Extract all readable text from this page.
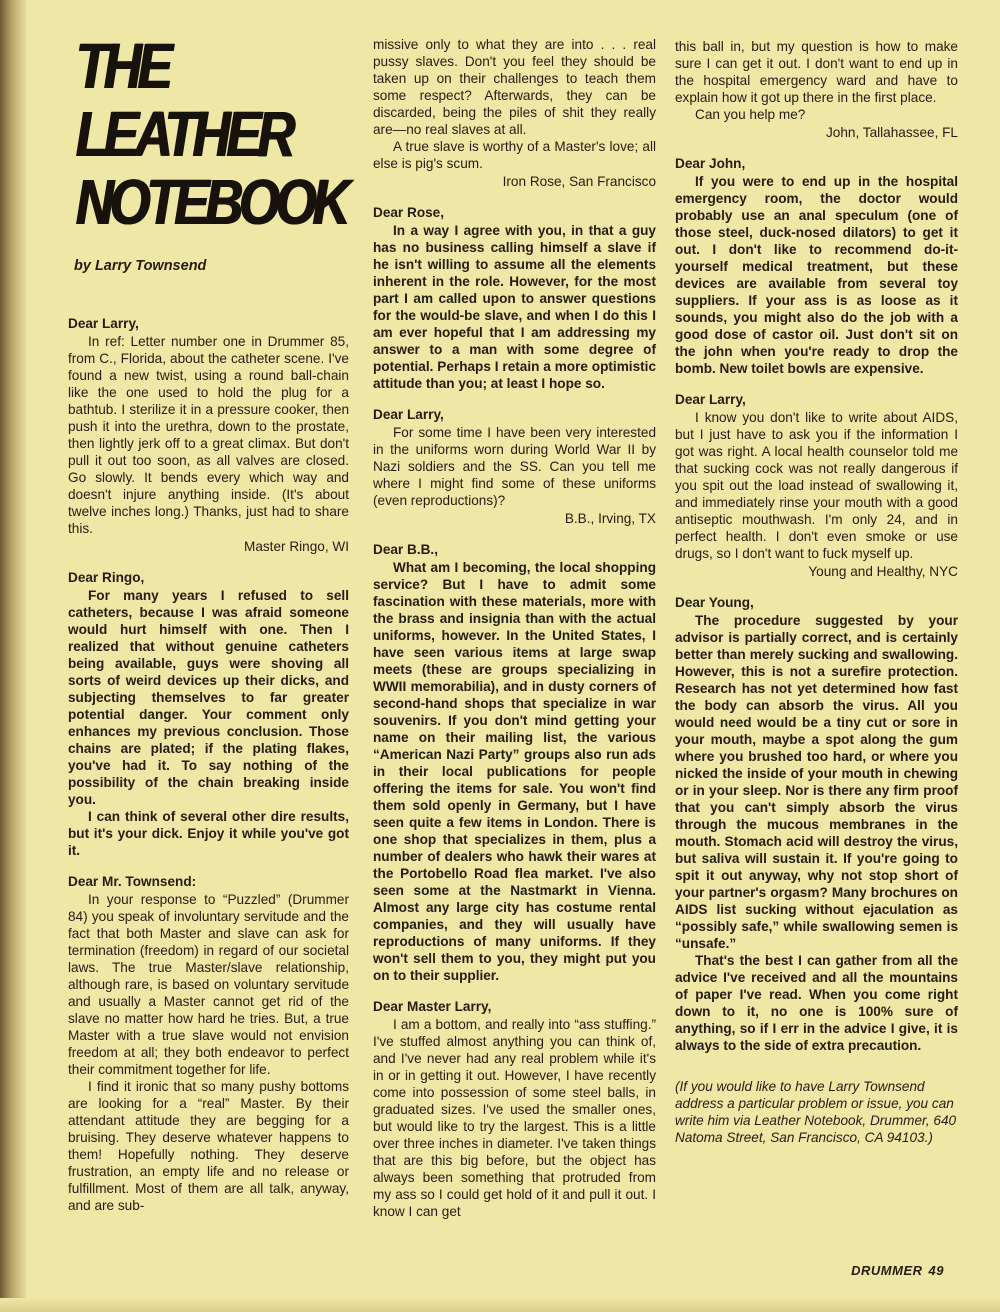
THE
LEATHER
NOTEBOOK
by Larry Townsend
Dear Larry,

In ref: Letter number one in Drummer 85, from C., Florida, about the catheter scene. I've found a new twist, using a round ball-chain like the one used to hold the plug for a bathtub. I sterilize it in a pressure cooker, then push it into the urethra, down to the prostate, then lightly jerk off to a great climax. But don't pull it out too soon, as all valves are closed. Go slowly. It bends every which way and doesn't injure anything inside. (It's about twelve inches long.) Thanks, just had to share this.

Master Ringo, WI
Dear Ringo,

For many years I refused to sell catheters, because I was afraid someone would hurt himself with one. Then I realized that without genuine catheters being available, guys were shoving all sorts of weird devices up their dicks, and subjecting themselves to far greater potential danger. Your comment only enhances my previous conclusion. Those chains are plated; if the plating flakes, you've had it. To say nothing of the possibility of the chain breaking inside you.

I can think of several other dire results, but it's your dick. Enjoy it while you've got it.

Dear Mr. Townsend:

In your response to “Puzzled” (Drummer 84) you speak of involuntary servitude and the fact that both Master and slave can ask for termination (freedom) in regard of our societal laws. The true Master/slave relationship, although rare, is based on voluntary servitude and usually a Master cannot get rid of the slave no matter how hard he tries. But, a true Master with a true slave would not envision freedom at all; they both endeavor to perfect their commitment together for life.

I find it ironic that so many pushy bottoms are looking for a “real” Master. By their attendant attitude they are begging for a bruising. They deserve whatever happens to them! Hopefully nothing. They deserve frustration, an empty life and no release or fulfillment. Most of them are all talk, anyway, and are sub-

missive only to what they are into . . . real pussy slaves. Don't you feel they should be taken up on their challenges to teach them some respect? Afterwards, they can be discarded, being the piles of shit they really are—no real slaves at all.

A true slave is worthy of a Master's love; all else is pig's scum.

Iron Rose, San Francisco
Dear Rose,

In a way I agree with you, in that a guy has no business calling himself a slave if he isn't willing to assume all the elements inherent in the role. However, for the most part I am called upon to answer questions for the would-be slave, and when I do this I am ever hopeful that I am addressing my answer to a man with some degree of potential. Perhaps I retain a more optimistic attitude than you; at least I hope so.

Dear Larry,

For some time I have been very interested in the uniforms worn during World War II by Nazi soldiers and the SS. Can you tell me where I might find some of these uniforms (even reproductions)?

B.B., Irving, TX
Dear B.B.,

What am I becoming, the local shopping service? But I have to admit some fascination with these materials, more with the brass and insignia than with the actual uniforms, however. In the United States, I have seen various items at large swap meets (these are groups specializing in WWII memorabilia), and in dusty corners of second-hand shops that specialize in war souvenirs. If you don't mind getting your name on their mailing list, the various “American Nazi Party” groups also run ads in their local publications for people offering the items for sale. You won't find them sold openly in Germany, but I have seen quite a few items in London. There is one shop that specializes in them, plus a number of dealers who hawk their wares at the Portobello Road flea market. I've also seen some at the Nastmarkt in Vienna. Almost any large city has costume rental companies, and they will usually have reproductions of many uniforms. If they won't sell them to you, they might put you on to their supplier.

Dear Master Larry,

I am a bottom, and really into “ass stuffing.” I've stuffed almost anything you can think of, and I've never had any real problem while it's in or in getting it out. However, I have recently come into possession of some steel balls, in graduated sizes. I've used the smaller ones, but would like to try the largest. This is a little over three inches in diameter. I've taken things that are this big before, but the object has always been something that protruded from my ass so I could get hold of it and pull it out. I know I can get

this ball in, but my question is how to make sure I can get it out. I don't want to end up in the hospital emergency ward and have to explain how it got up there in the first place.

Can you help me?

John, Tallahassee, FL
Dear John,

If you were to end up in the hospital emergency room, the doctor would probably use an anal speculum (one of those steel, duck-nosed dilators) to get it out. I don't like to recommend do-it-yourself medical treatment, but these devices are available from several toy suppliers. If your ass is as loose as it sounds, you might also do the job with a good dose of castor oil. Just don't sit on the john when you're ready to drop the bomb. New toilet bowls are expensive.

Dear Larry,

I know you don't like to write about AIDS, but I just have to ask you if the information I got was right. A local health counselor told me that sucking cock was not really dangerous if you spit out the load instead of swallowing it, and immediately rinse your mouth with a good antiseptic mouthwash. I'm only 24, and in perfect health. I don't even smoke or use drugs, so I don't want to fuck myself up.

Young and Healthy, NYC
Dear Young,

The procedure suggested by your advisor is partially correct, and is certainly better than merely sucking and swallowing. However, this is not a surefire protection. Research has not yet determined how fast the body can absorb the virus. All you would need would be a tiny cut or sore in your mouth, maybe a spot along the gum where you brushed too hard, or where you nicked the inside of your mouth in chewing or in your sleep. Nor is there any firm proof that you can't simply absorb the virus through the mucous membranes in the mouth. Stomach acid will destroy the virus, but saliva will sustain it. If you're going to spit it out anyway, why not stop short of your partner's orgasm? Many brochures on AIDS list sucking without ejaculation as “possibly safe,” while swallowing semen is “unsafe.”

That's the best I can gather from all the advice I've received and all the mountains of paper I've read. When you come right down to it, no one is 100% sure of anything, so if I err in the advice I give, it is always to the side of extra precaution.

(If you would like to have Larry Townsend address a particular problem or issue, you can write him via Leather Notebook, Drummer, 640 Natoma Street, San Francisco, CA 94103.)
DRUMMER 49
